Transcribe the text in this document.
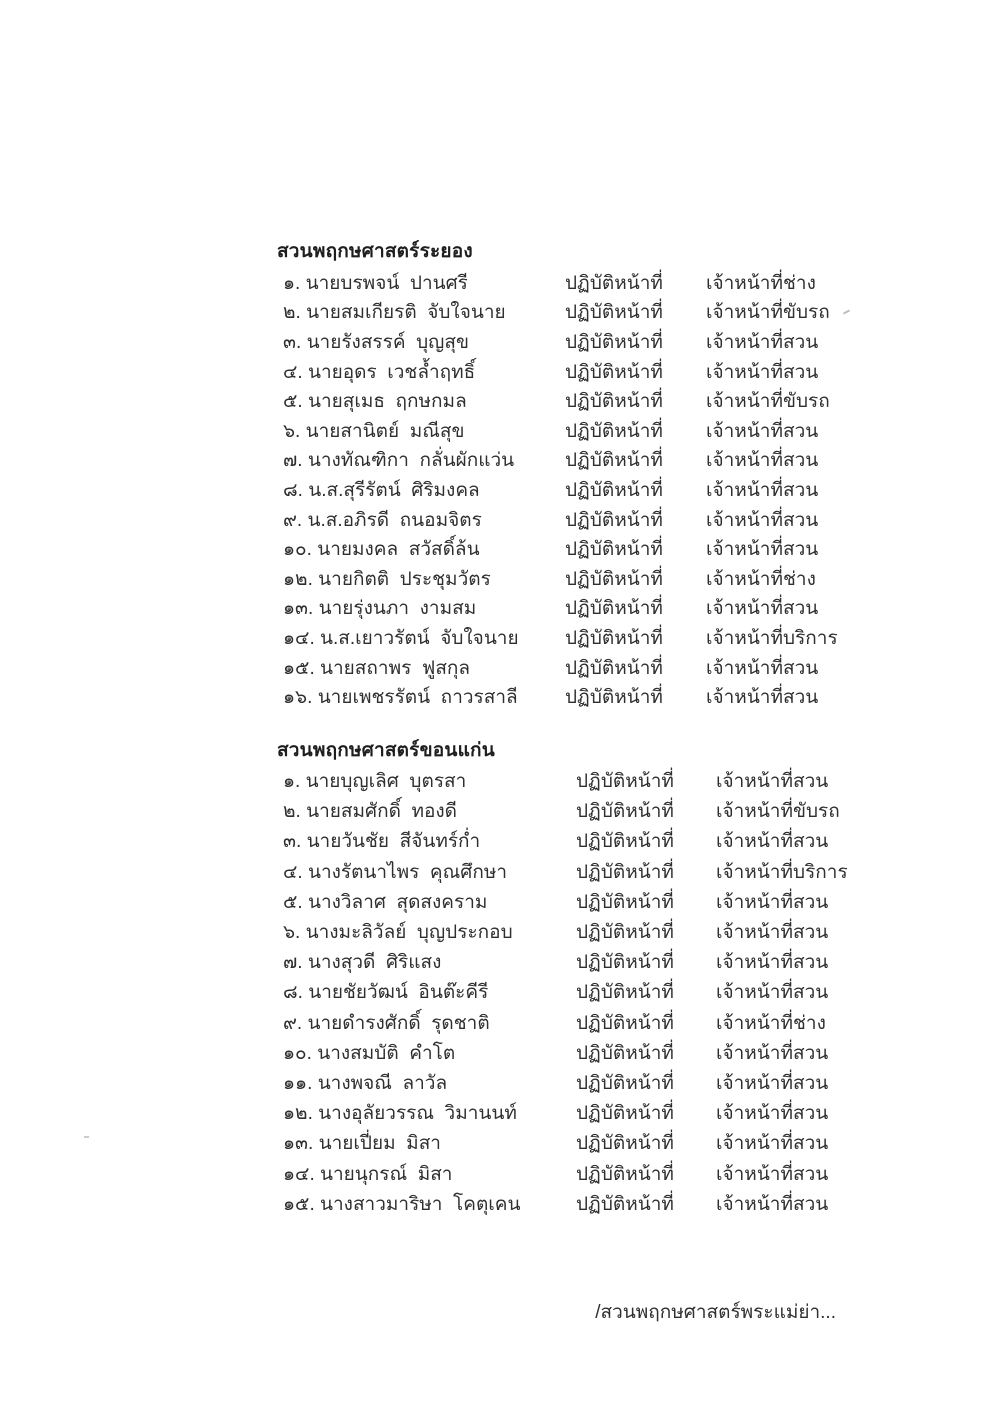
สวนพฤกษศาสตร์ระยอง
๑. นายบรพจน์  ปานศรี	ปฏิบัติหน้าที่	เจ้าหน้าที่ช่าง
๒. นายสมเกียรติ  จับใจนาย	ปฏิบัติหน้าที่	เจ้าหน้าที่ขับรถ
๓. นายรังสรรค์  บุญสุข	ปฏิบัติหน้าที่	เจ้าหน้าที่สวน
๔. นายอุดร  เวชล้ำฤทธิ์	ปฏิบัติหน้าที่	เจ้าหน้าที่สวน
๕. นายสุเมธ  ฤกษกมล	ปฏิบัติหน้าที่	เจ้าหน้าที่ขับรถ
๖. นายสานิตย์  มณีสุข	ปฏิบัติหน้าที่	เจ้าหน้าที่สวน
๗. นางทัณฑิกา  กลั่นผักแว่น	ปฏิบัติหน้าที่	เจ้าหน้าที่สวน
๘. น.ส.สุรีรัตน์  ศิริมงคล	ปฏิบัติหน้าที่	เจ้าหน้าที่สวน
๙. น.ส.อภิรดี  ถนอมจิตร	ปฏิบัติหน้าที่	เจ้าหน้าที่สวน
๑๐. นายมงคล  สวัสดิ์ล้น	ปฏิบัติหน้าที่	เจ้าหน้าที่สวน
๑๒. นายกิตติ  ประชุมวัตร	ปฏิบัติหน้าที่	เจ้าหน้าที่ช่าง
๑๓. นายรุ่งนภา  งามสม	ปฏิบัติหน้าที่	เจ้าหน้าที่สวน
๑๔. น.ส.เยาวรัตน์  จับใจนาย	ปฏิบัติหน้าที่	เจ้าหน้าที่บริการ
๑๕. นายสถาพร  ฟูสกุล	ปฏิบัติหน้าที่	เจ้าหน้าที่สวน
๑๖. นายเพชรรัตน์  ถาวรสาลี	ปฏิบัติหน้าที่	เจ้าหน้าที่สวน
สวนพฤกษศาสตร์ขอนแก่น
๑. นายบุญเลิศ  บุตรสา	ปฏิบัติหน้าที่	เจ้าหน้าที่สวน
๒. นายสมศักดิ์  ทองดี	ปฏิบัติหน้าที่	เจ้าหน้าที่ขับรถ
๓. นายวันชัย  สีจันทร์ก่ำ	ปฏิบัติหน้าที่	เจ้าหน้าที่สวน
๔. นางรัตนาไพร  คุณศึกษา	ปฏิบัติหน้าที่	เจ้าหน้าที่บริการ
๕. นางวิลาศ  สุดสงคราม	ปฏิบัติหน้าที่	เจ้าหน้าที่สวน
๖. นางมะลิวัลย์  บุญประกอบ	ปฏิบัติหน้าที่	เจ้าหน้าที่สวน
๗. นางสุวดี  ศิริแสง	ปฏิบัติหน้าที่	เจ้าหน้าที่สวน
๘. นายชัยวัฒน์  อินต๊ะคีรี	ปฏิบัติหน้าที่	เจ้าหน้าที่สวน
๙. นายดำรงศักดิ์  รุดชาติ	ปฏิบัติหน้าที่	เจ้าหน้าที่ช่าง
๑๐. นางสมบัติ  คำโต	ปฏิบัติหน้าที่	เจ้าหน้าที่สวน
๑๑. นางพจณี  ลาวัล	ปฏิบัติหน้าที่	เจ้าหน้าที่สวน
๑๒. นางอุลัยวรรณ  วิมานนท์	ปฏิบัติหน้าที่	เจ้าหน้าที่สวน
๑๓. นายเปี่ยม  มิสา	ปฏิบัติหน้าที่	เจ้าหน้าที่สวน
๑๔. นายนุกรณ์  มิสา	ปฏิบัติหน้าที่	เจ้าหน้าที่สวน
๑๕. นางสาวมาริษา  โคตุเคน	ปฏิบัติหน้าที่	เจ้าหน้าที่สวน
/สวนพฤกษศาสตร์พระแม่ย่า...
